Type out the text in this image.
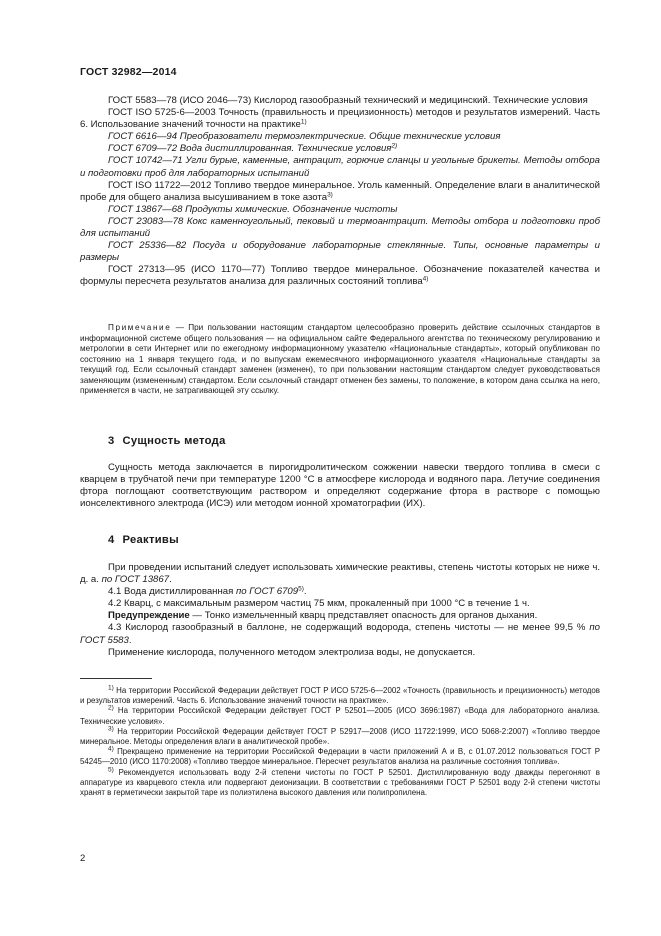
ГОСТ 32982—2014

ГОСТ 5583—78 (ИСО 2046—73) Кислород газообразный технический и медицинский. Технические условия

ГОСТ ISO 5725-6—2003 Точность (правильность и прецизионность) методов и результатов измерений. Часть 6. Использование значений точности на практике$^{1)}$

ГОСТ 6616—94 Преобразователи термоэлектрические. Общие технические условия

ГОСТ 6709—72 Вода дистиллированная. Технические условия$^{2)}$

ГОСТ 10742—71 Угли бурые, каменные, антрацит, горючие сланцы и угольные брикеты. Методы отбора и подготовки проб для лабораторных испытаний

ГОСТ ISO 11722—2012 Топливо твердое минеральное. Уголь каменный. Определение влаги в аналитической пробе для общего анализа высушиванием в токе азота$^{3)}$

ГОСТ 13867—68 Продукты химические. Обозначение чистоты

ГОСТ 23083—78 Кокс каменноугольный, пековый и термоантрацит. Методы отбора и подготовки проб для испытаний

ГОСТ 25336—82 Посуда и оборудование лабораторные стеклянные. Типы, основные параметры и размеры

ГОСТ 27313—95 (ИСО 1170—77) Топливо твердое минеральное. Обозначение показателей качества и формулы пересчета результатов анализа для различных состояний топлива$^{4)}$

Примечание — При пользовании настоящим стандартом целесообразно проверить действие ссылочных стандартов в информационной системе общего пользования — на официальном сайте Федерального агентства по техническому регулированию и метрологии в сети Интернет или по ежегодному информационному указателю «Национальные стандарты», который опубликован по состоянию на 1 января текущего года, и по выпускам ежемесячного информационного указателя «Национальные стандарты за текущий год. Если ссылочный стандарт заменен (изменен), то при пользовании настоящим стандартом следует руководствоваться заменяющим (измененным) стандартом. Если ссылочный стандарт отменен без замены, то положение, в котором дана ссылка на него, применяется в части, не затрагивающей эту ссылку.
3 Сущность метода

Сущность метода заключается в пирогидролитическом сожжении навески твердого топлива в смеси с кварцем в трубчатой печи при температуре 1200 °С в атмосфере кислорода и водяного пара. Летучие соединения фтора поглощают соответствующим раствором и определяют содержание фтора в растворе с помощью ионселективного электрода (ИСЭ) или методом ионной хроматографии (ИХ).

4 Реактивы

При проведении испытаний следует использовать химические реактивы, степень чистоты которых не ниже ч. д. а. по ГОСТ 13867.

4.1 Вода дистиллированная по ГОСТ 6709$^{5)}$.

4.2 Кварц, с максимальным размером частиц 75 мкм, прокаленный при 1000 °С в течение 1 ч.

Предупреждение — Тонко измельченный кварц представляет опасность для органов дыхания.

4.3 Кислород газообразный в баллоне, не содержащий водорода, степень чистоты — не менее 99,5 % по ГОСТ 5583.

Применение кислорода, полученного методом электролиза воды, не допускается.

$^{1)}$ На территории Российской Федерации действует ГОСТ Р ИСО 5725-6—2002 «Точность (правильность и прецизионность) методов и результатов измерений. Часть 6. Использование значений точности на практике».

$^{2)}$ На территории Российской Федерации действует ГОСТ Р 52501—2005 (ИСО 3696:1987) «Вода для лабораторного анализа. Технические условия».

$^{3)}$ На территории Российской Федерации действует ГОСТ Р 52917—2008 (ИСО 11722:1999, ИСО 5068-2:2007) «Топливо твердое минеральное. Методы определения влаги в аналитической пробе».

$^{4)}$ Прекращено применение на территории Российской Федерации в части приложений А и В, с 01.07.2012 пользоваться ГОСТ Р 54245—2010 (ИСО 1170:2008) «Топливо твердое минеральное. Пересчет результатов анализа на различные состояния топлива».

$^{5)}$ Рекомендуется использовать воду 2-й степени чистоты по ГОСТ Р 52501. Дистиллированную воду дважды перегоняют в аппаратуре из кварцевого стекла или подвергают деионизации. В соответствии с требованиями ГОСТ Р 52501 воду 2-й степени чистоты хранят в герметически закрытой таре из полиэтилена высокого давления или полипропилена.

2
